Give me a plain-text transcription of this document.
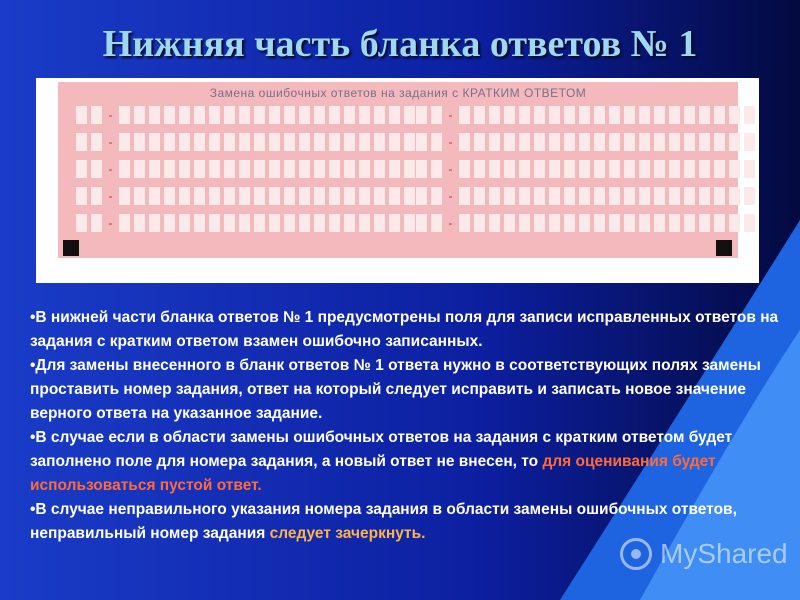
Нижняя часть бланка ответов № 1
Замена ошибочных ответов на задания с КРАТКИМ ОТВЕТОМ
-
-
-
-
-
-
-
-
-
-

•В нижней части бланка ответов № 1 предусмотрены поля для записи исправленных ответов на задания с кратким ответом взамен ошибочно записанных.

•Для замены внесенного в бланк ответов № 1 ответа нужно в соответствующих полях замены проставить номер задания, ответ на который следует исправить и записать новое значение верного ответа на указанное задание.

•В случае если в области замены ошибочных ответов на задания с кратким ответом будет заполнено поле для номера задания, а новый ответ не внесен, то для оценивания будет использоваться пустой ответ.

•В случае неправильного указания номера задания в области замены ошибочных ответов, неправильный номер задания следует зачеркнуть.

MyShared
